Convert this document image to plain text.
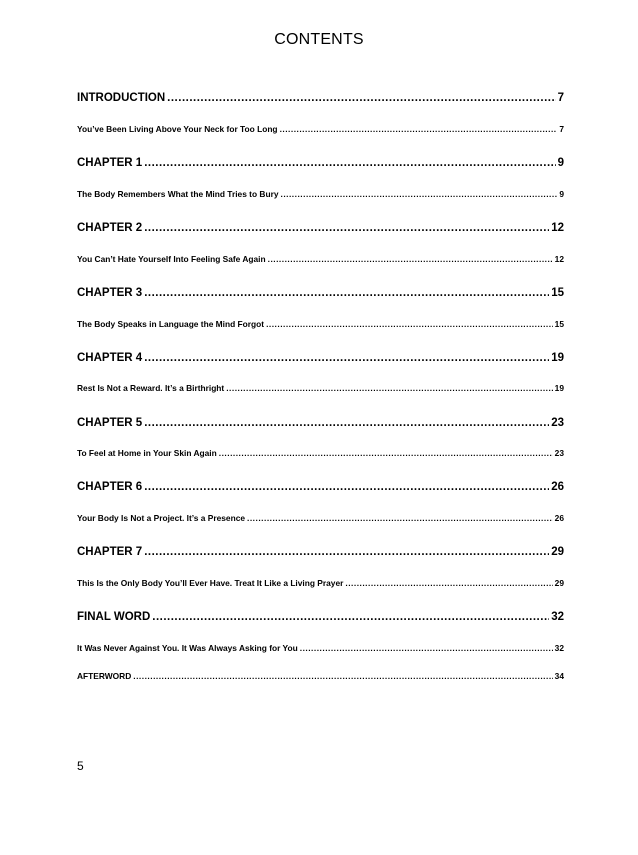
CONTENTS
INTRODUCTION .....	7
You’ve Been Living Above Your Neck for Too Long .....	7
CHAPTER 1 .....	9
The Body Remembers What the Mind Tries to Bury .....	9
CHAPTER 2 .....	12
You Can’t Hate Yourself Into Feeling Safe Again .....	12
CHAPTER 3 .....	15
The Body Speaks in Language the Mind Forgot .....	15
CHAPTER 4 .....	19
Rest Is Not a Reward. It’s a Birthright .....	19
CHAPTER 5 .....	23
To Feel at Home in Your Skin Again .....	23
CHAPTER 6 .....	26
Your Body Is Not a Project. It’s a Presence .....	26
CHAPTER 7 .....	29
This Is the Only Body You’ll Ever Have. Treat It Like a Living Prayer .....	29
FINAL WORD .....	32
It Was Never Against You. It Was Always Asking for You .....	32
AFTERWORD .....	34
5
